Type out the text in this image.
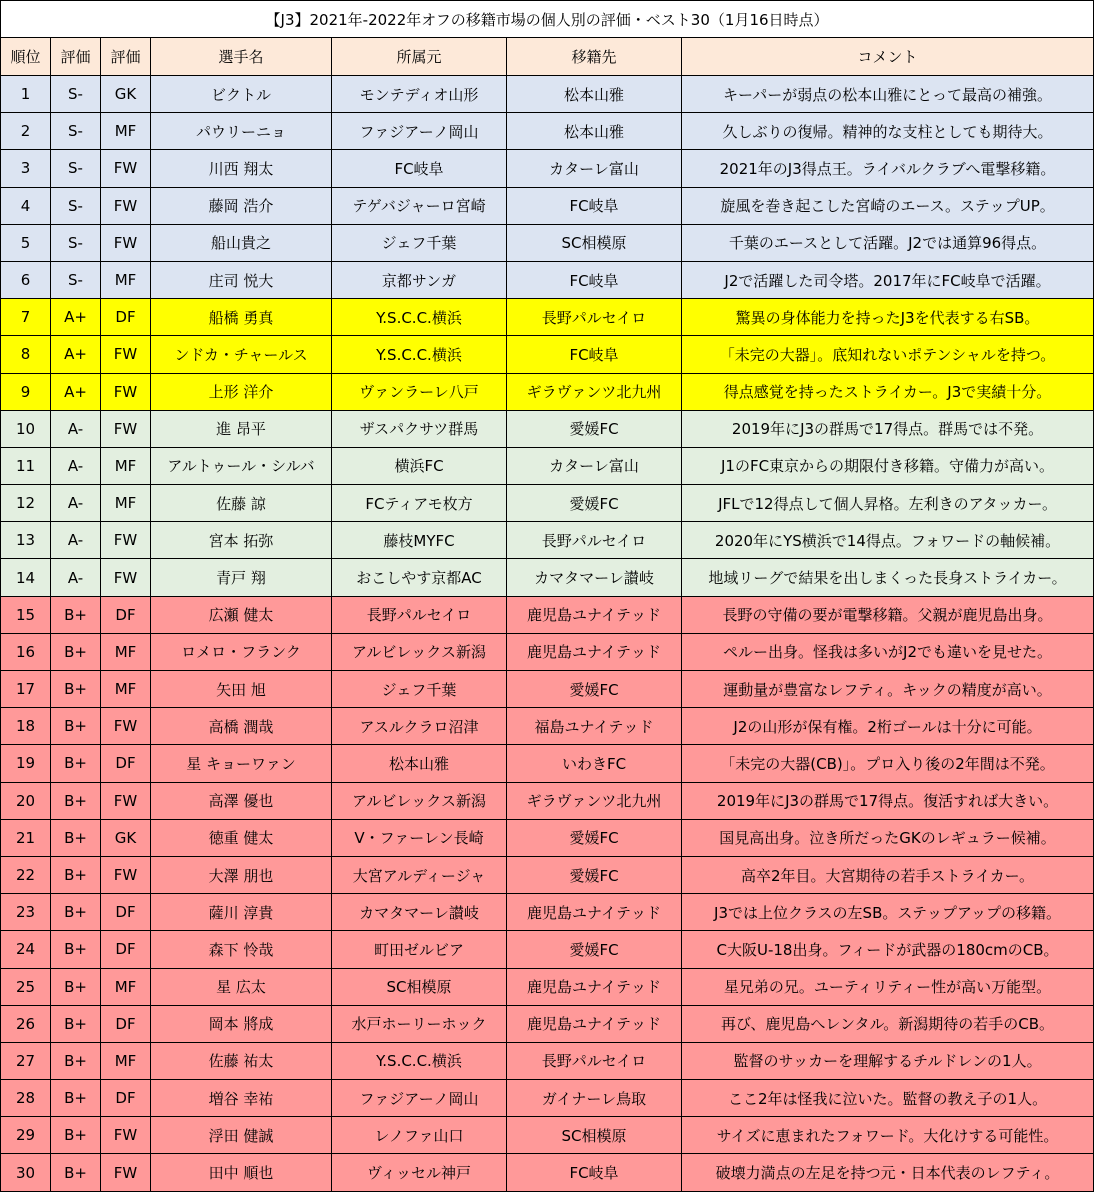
【J3】2021年-2022年オフの移籍市場の個人別の評価・ベスト30（1月16日時点）						
順位	評価	評価	選手名	所属元	移籍先	コメント
1	S-	GK	ビクトル	モンテディオ山形	松本山雅	キーパーが弱点の松本山雅にとって最高の補強。
2	S-	MF	パウリーニョ	ファジアーノ岡山	松本山雅	久しぶりの復帰。精神的な支柱としても期待大。
3	S-	FW	川西 翔太	FC岐阜	カターレ富山	2021年のJ3得点王。ライバルクラブへ電撃移籍。
4	S-	FW	藤岡 浩介	テゲバジャーロ宮崎	FC岐阜	旋風を巻き起こした宮崎のエース。ステップUP。
5	S-	FW	船山貴之	ジェフ千葉	SC相模原	千葉のエースとして活躍。J2では通算96得点。
6	S-	MF	庄司 悦大	京都サンガ	FC岐阜	J2で活躍した司令塔。2017年にFC岐阜で活躍。
7	A+	DF	船橋 勇真	Y.S.C.C.横浜	長野パルセイロ	驚異の身体能力を持ったJ3を代表する右SB。
8	A+	FW	ンドカ・チャールス	Y.S.C.C.横浜	FC岐阜	「未完の大器」。底知れないポテンシャルを持つ。
9	A+	FW	上形 洋介	ヴァンラーレ八戸	ギラヴァンツ北九州	得点感覚を持ったストライカー。J3で実績十分。
10	A-	FW	進 昂平	ザスパクサツ群馬	愛媛FC	2019年にJ3の群馬で17得点。群馬では不発。
11	A-	MF	アルトゥール・シルバ	横浜FC	カターレ富山	J1のFC東京からの期限付き移籍。守備力が高い。
12	A-	MF	佐藤 諒	FCティアモ枚方	愛媛FC	JFLで12得点して個人昇格。左利きのアタッカー。
13	A-	FW	宮本 拓弥	藤枝MYFC	長野パルセイロ	2020年にYS横浜で14得点。フォワードの軸候補。
14	A-	FW	青戸 翔	おこしやす京都AC	カマタマーレ讃岐	地域リーグで結果を出しまくった長身ストライカー。
15	B+	DF	広瀬 健太	長野パルセイロ	鹿児島ユナイテッド	長野の守備の要が電撃移籍。父親が鹿児島出身。
16	B+	MF	ロメロ・フランク	アルビレックス新潟	鹿児島ユナイテッド	ペルー出身。怪我は多いがJ2でも違いを見せた。
17	B+	MF	矢田 旭	ジェフ千葉	愛媛FC	運動量が豊富なレフティ。キックの精度が高い。
18	B+	FW	高橋 潤哉	アスルクラロ沼津	福島ユナイテッド	J2の山形が保有権。2桁ゴールは十分に可能。
19	B+	DF	星 キョーワァン	松本山雅	いわきFC	「未完の大器(CB)」。プロ入り後の2年間は不発。
20	B+	FW	高澤 優也	アルビレックス新潟	ギラヴァンツ北九州	2019年にJ3の群馬で17得点。復活すれば大きい。
21	B+	GK	徳重 健太	V・ファーレン長崎	愛媛FC	国見高出身。泣き所だったGKのレギュラー候補。
22	B+	FW	大澤 朋也	大宮アルディージャ	愛媛FC	高卒2年目。大宮期待の若手ストライカー。
23	B+	DF	薩川 淳貴	カマタマーレ讃岐	鹿児島ユナイテッド	J3では上位クラスの左SB。ステップアップの移籍。
24	B+	DF	森下 怜哉	町田ゼルビア	愛媛FC	C大阪U-18出身。フィードが武器の180cmのCB。
25	B+	MF	星 広太	SC相模原	鹿児島ユナイテッド	星兄弟の兄。ユーティリティー性が高い万能型。
26	B+	DF	岡本 將成	水戸ホーリーホック	鹿児島ユナイテッド	再び、鹿児島へレンタル。新潟期待の若手のCB。
27	B+	MF	佐藤 祐太	Y.S.C.C.横浜	長野パルセイロ	監督のサッカーを理解するチルドレンの1人。
28	B+	DF	増谷 幸祐	ファジアーノ岡山	ガイナーレ鳥取	ここ2年は怪我に泣いた。監督の教え子の1人。
29	B+	FW	浮田 健誠	レノファ山口	SC相模原	サイズに恵まれたフォワード。大化けする可能性。
30	B+	FW	田中 順也	ヴィッセル神戸	FC岐阜	破壊力満点の左足を持つ元・日本代表のレフティ。
